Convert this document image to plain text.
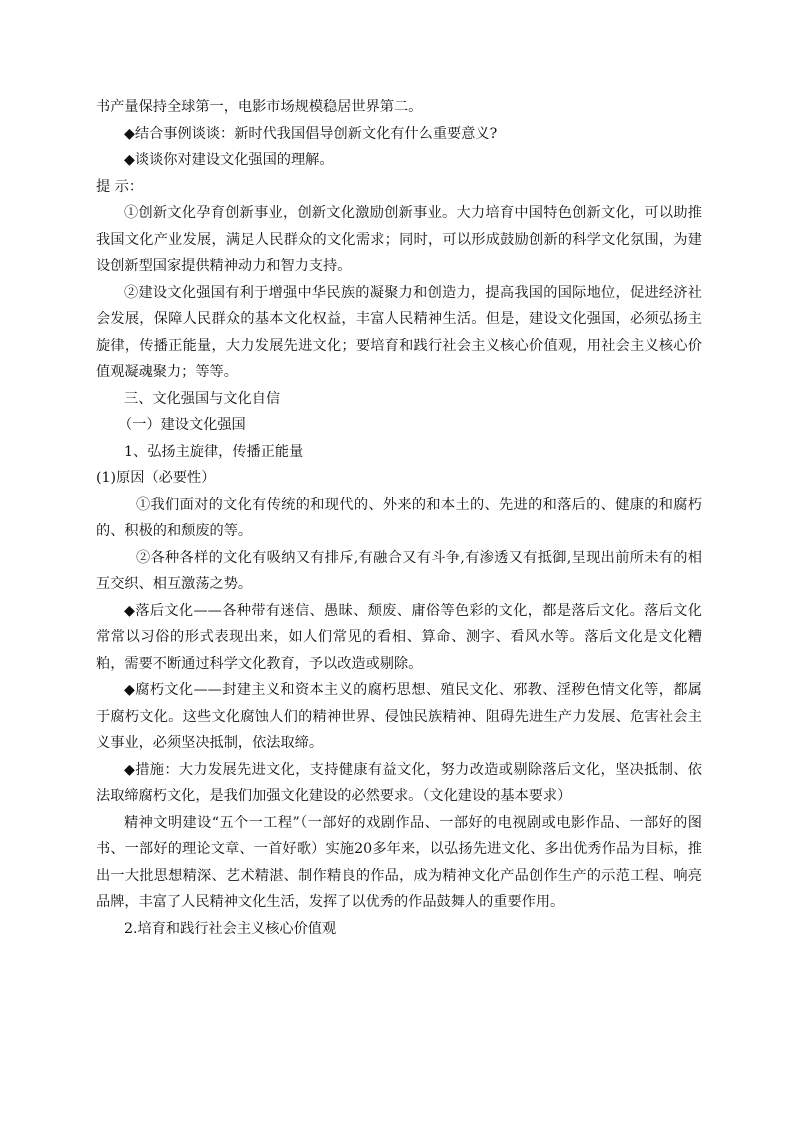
书产量保持全球第一，电影市场规模稳居世界第二。

◆结合事例谈谈：新时代我国倡导创新文化有什么重要意义?

◆谈谈你对建设文化强国的理解。

提 示：

①创新文化孕育创新事业，创新文化激励创新事业。大力培育中国特色创新文化，可以助推我国文化产业发展，满足人民群众的文化需求；同时，可以形成鼓励创新的科学文化氛围，为建设创新型国家提供精神动力和智力支持。

②建设文化强国有利于增强中华民族的凝聚力和创造力，提高我国的国际地位，促进经济社会发展，保障人民群众的基本文化权益，丰富人民精神生活。但是，建设文化强国，必须弘扬主旋律，传播正能量，大力发展先进文化；要培育和践行社会主义核心价值观，用社会主义核心价值观凝魂聚力；等等。

三、文化强国与文化自信

（一）建设文化强国

1、弘扬主旋律，传播正能量

(1)原因（必要性）

①我们面对的文化有传统的和现代的、外来的和本土的、先进的和落后的、健康的和腐朽的、积极的和颓废的等。

②各种各样的文化有吸纳又有排斥,有融合又有斗争,有渗透又有抵御,呈现出前所未有的相互交织、相互激荡之势。

◆落后文化——各种带有迷信、愚昧、颓废、庸俗等色彩的文化，都是落后文化。落后文化常常以习俗的形式表现出来，如人们常见的看相、算命、测字、看风水等。落后文化是文化糟粕，需要不断通过科学文化教育，予以改造或剔除。

◆腐朽文化——封建主义和资本主义的腐朽思想、殖民文化、邪教、淫秽色情文化等，都属于腐朽文化。这些文化腐蚀人们的精神世界、侵蚀民族精神、阻碍先进生产力发展、危害社会主义事业，必须坚决抵制，依法取缔。

◆措施：大力发展先进文化，支持健康有益文化，努力改造或剔除落后文化，坚决抵制、依法取缔腐朽文化，是我们加强文化建设的必然要求。（文化建设的基本要求）

精神文明建设“五个一工程”（一部好的戏剧作品、一部好的电视剧或电影作品、一部好的图书、一部好的理论文章、一首好歌）实施20多年来，以弘扬先进文化、多出优秀作品为目标，推出一大批思想精深、艺术精湛、制作精良的作品，成为精神文化产品创作生产的示范工程、响亮品牌，丰富了人民精神文化生活，发挥了以优秀的作品鼓舞人的重要作用。

2.培育和践行社会主义核心价值观
